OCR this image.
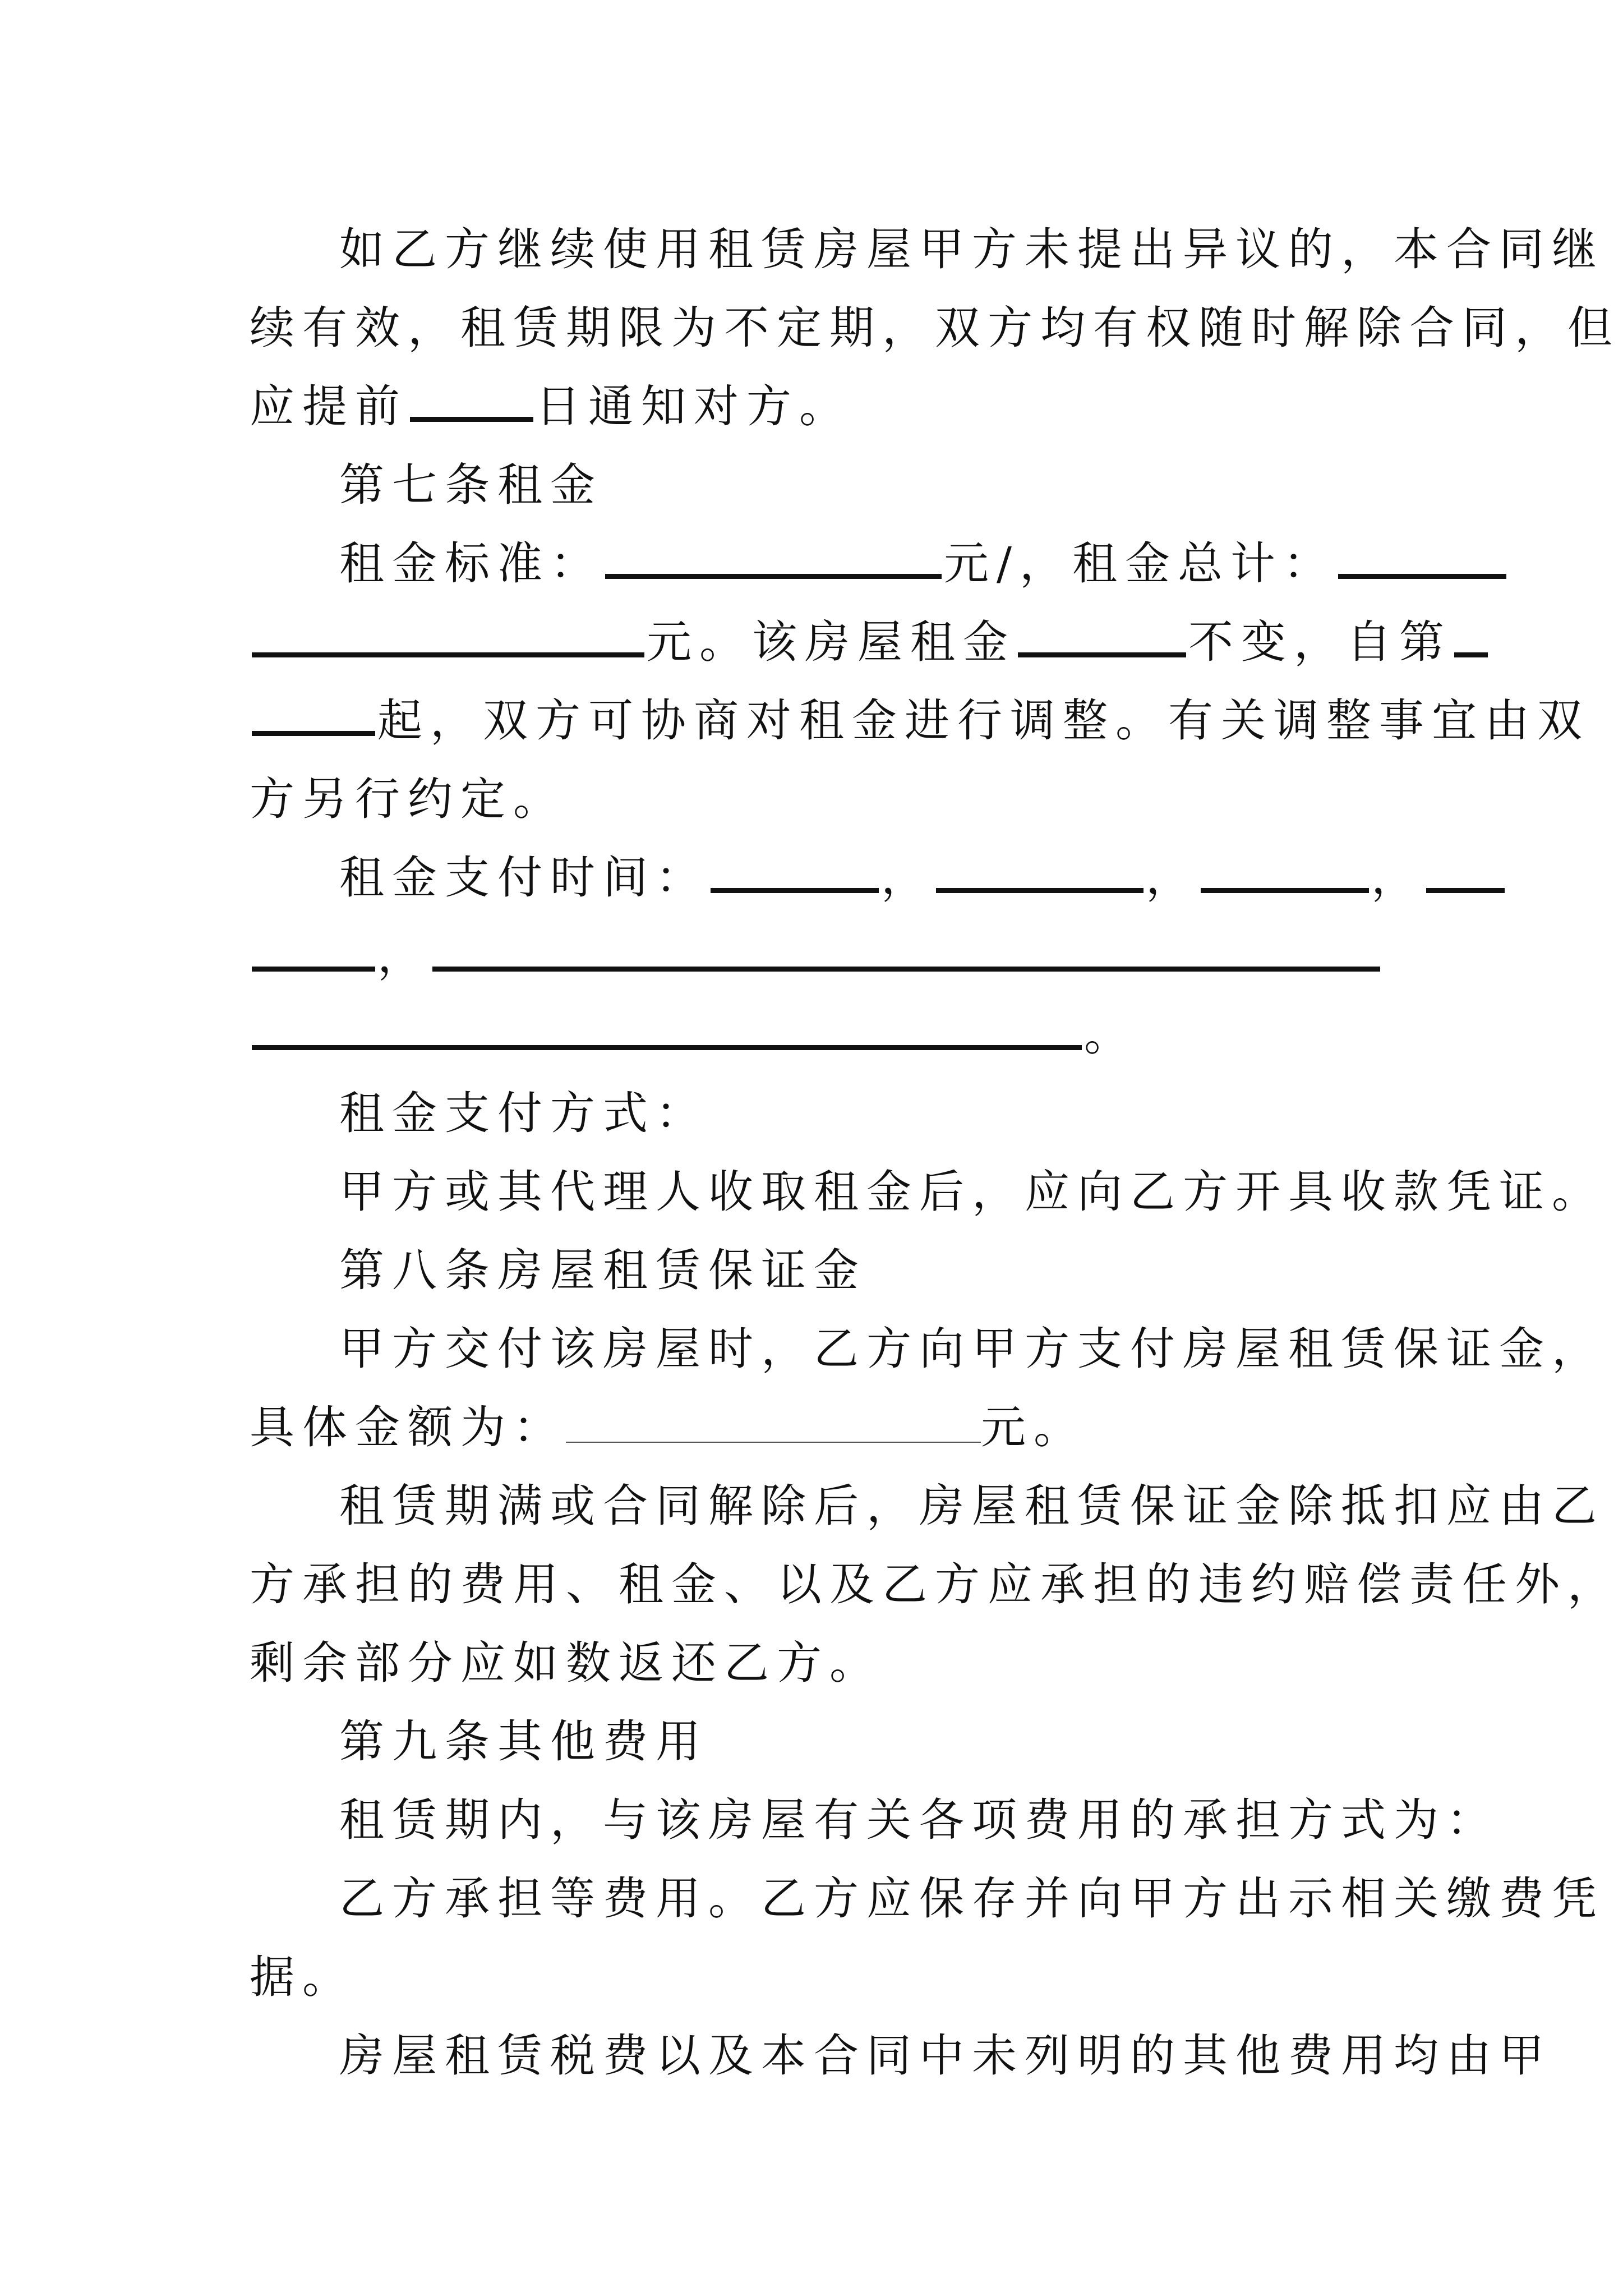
如乙方继续使用租赁房屋甲方未提出异议的，本合同继

续有效，租赁期限为不定期，双方均有权随时解除合同，但

应提前	日通知对方。

第七条租金

租金标准：	元/，租金总计：

元。该房屋租金	不变，自第

起，双方可协商对租金进行调整。有关调整事宜由双

方另行约定。

租金支付时间：	，	，	，

，

。

租金支付方式：

甲方或其代理人收取租金后，应向乙方开具收款凭证。

第八条房屋租赁保证金

甲方交付该房屋时，乙方向甲方支付房屋租赁保证金，

具体金额为：	元。

租赁期满或合同解除后，房屋租赁保证金除抵扣应由乙

方承担的费用、租金、以及乙方应承担的违约赔偿责任外，

剩余部分应如数返还乙方。

第九条其他费用

租赁期内，与该房屋有关各项费用的承担方式为：

乙方承担等费用。乙方应保存并向甲方出示相关缴费凭

据。

房屋租赁税费以及本合同中未列明的其他费用均由甲
